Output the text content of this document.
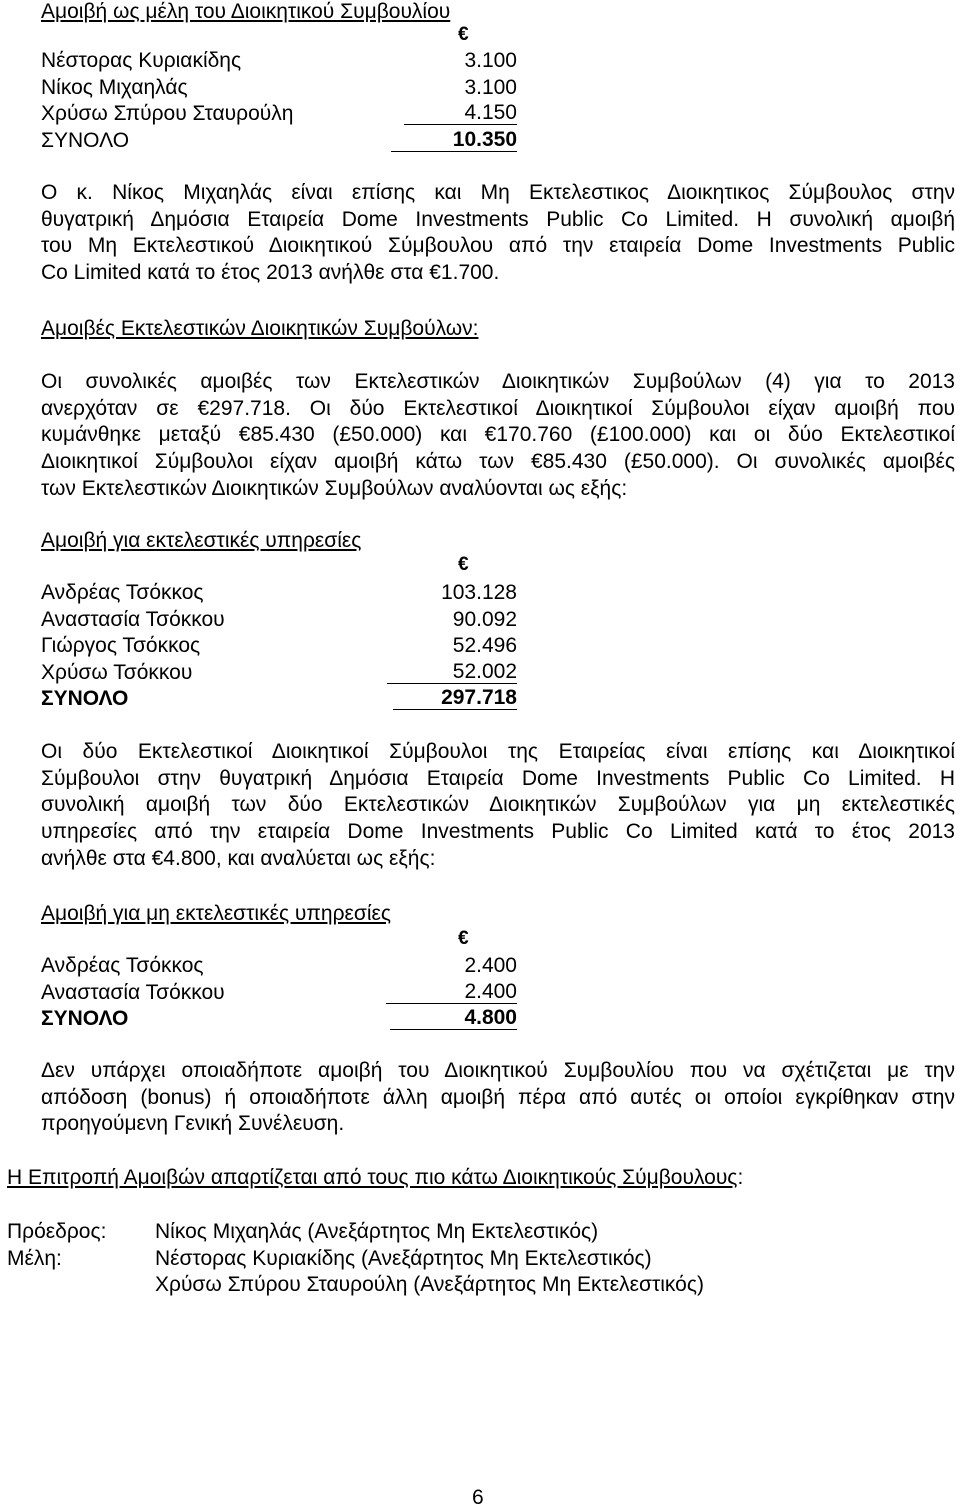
Αμοιβή ως μέλη του Διοικητικού Συμβουλίου
€
Νέστορας Κυριακίδης	3.100
Νίκος Μιχαηλάς	3.100
Χρύσω Σπύρου Σταυρούλη	4.150
ΣΥΝΟΛΟ	10.350
Ο κ. Νίκος Μιχαηλάς είναι επίσης και Μη Εκτελεστικος Διοικητικος Σύμβουλος στην
θυγατρική Δημόσια Εταιρεία Dome Investments Public Co Limited. Η συνολική αμοιβή
του Μη Εκτελεστικού Διοικητικού Σύμβουλου από την εταιρεία Dome Investments Public
Co Limited κατά το έτος 2013 ανήλθε στα €1.700.
Αμοιβές Εκτελεστικών Διοικητικών Συμβούλων:
Οι συνολικές αμοιβές των Εκτελεστικών Διοικητικών Συμβούλων (4) για το 2013
ανερχόταν σε €297.718. Οι δύο Εκτελεστικοί Διοικητικοί Σύμβουλοι είχαν αμοιβή που
κυμάνθηκε μεταξύ €85.430 (£50.000) και €170.760 (£100.000) και οι δύο Εκτελεστικοί
Διοικητικοί Σύμβουλοι είχαν αμοιβή κάτω των €85.430 (£50.000). Οι συνολικές αμοιβές
των Εκτελεστικών Διοικητικών Συμβούλων αναλύονται ως εξής:
Αμοιβή για εκτελεστικές υπηρεσίες
€
Ανδρέας Τσόκκος	103.128
Αναστασία Τσόκκου	90.092
Γιώργος Τσόκκος	52.496
Χρύσω Τσόκκου	52.002
ΣΥΝΟΛΟ	297.718
Οι δύο Εκτελεστικοί Διοικητικοί Σύμβουλοι της Εταιρείας είναι επίσης και Διοικητικοί
Σύμβουλοι στην θυγατρική Δημόσια Εταιρεία Dome Investments Public Co Limited. Η
συνολική αμοιβή των δύο Εκτελεστικών Διοικητικών Συμβούλων για μη εκτελεστικές
υπηρεσίες από την εταιρεία Dome Investments Public Co Limited κατά το έτος 2013
ανήλθε στα €4.800, και αναλύεται ως εξής:
Αμοιβή για μη εκτελεστικές υπηρεσίες
€
Ανδρέας Τσόκκος	2.400
Αναστασία Τσόκκου	2.400
ΣΥΝΟΛΟ	4.800
Δεν υπάρχει οποιαδήποτε αμοιβή του Διοικητικού Συμβουλίου που να σχέτιζεται με την
απόδοση (bonus) ή οποιαδήποτε άλλη αμοιβή πέρα από αυτές οι οποίοι εγκρίθηκαν στην
προηγούμενη Γενική Συνέλευση.
Η Επιτροπή Αμοιβών απαρτίζεται από τους πιο κάτω Διοικητικούς Σύμβουλους:
Πρόεδρος: Νίκος Μιχαηλάς (Ανεξάρτητος Μη Εκτελεστικός)
Μέλη:	Νέστορας Κυριακίδης (Ανεξάρτητος Μη Εκτελεστικός)
Χρύσω Σπύρου Σταυρούλη (Ανεξάρτητος Μη Εκτελεστικός)
6
